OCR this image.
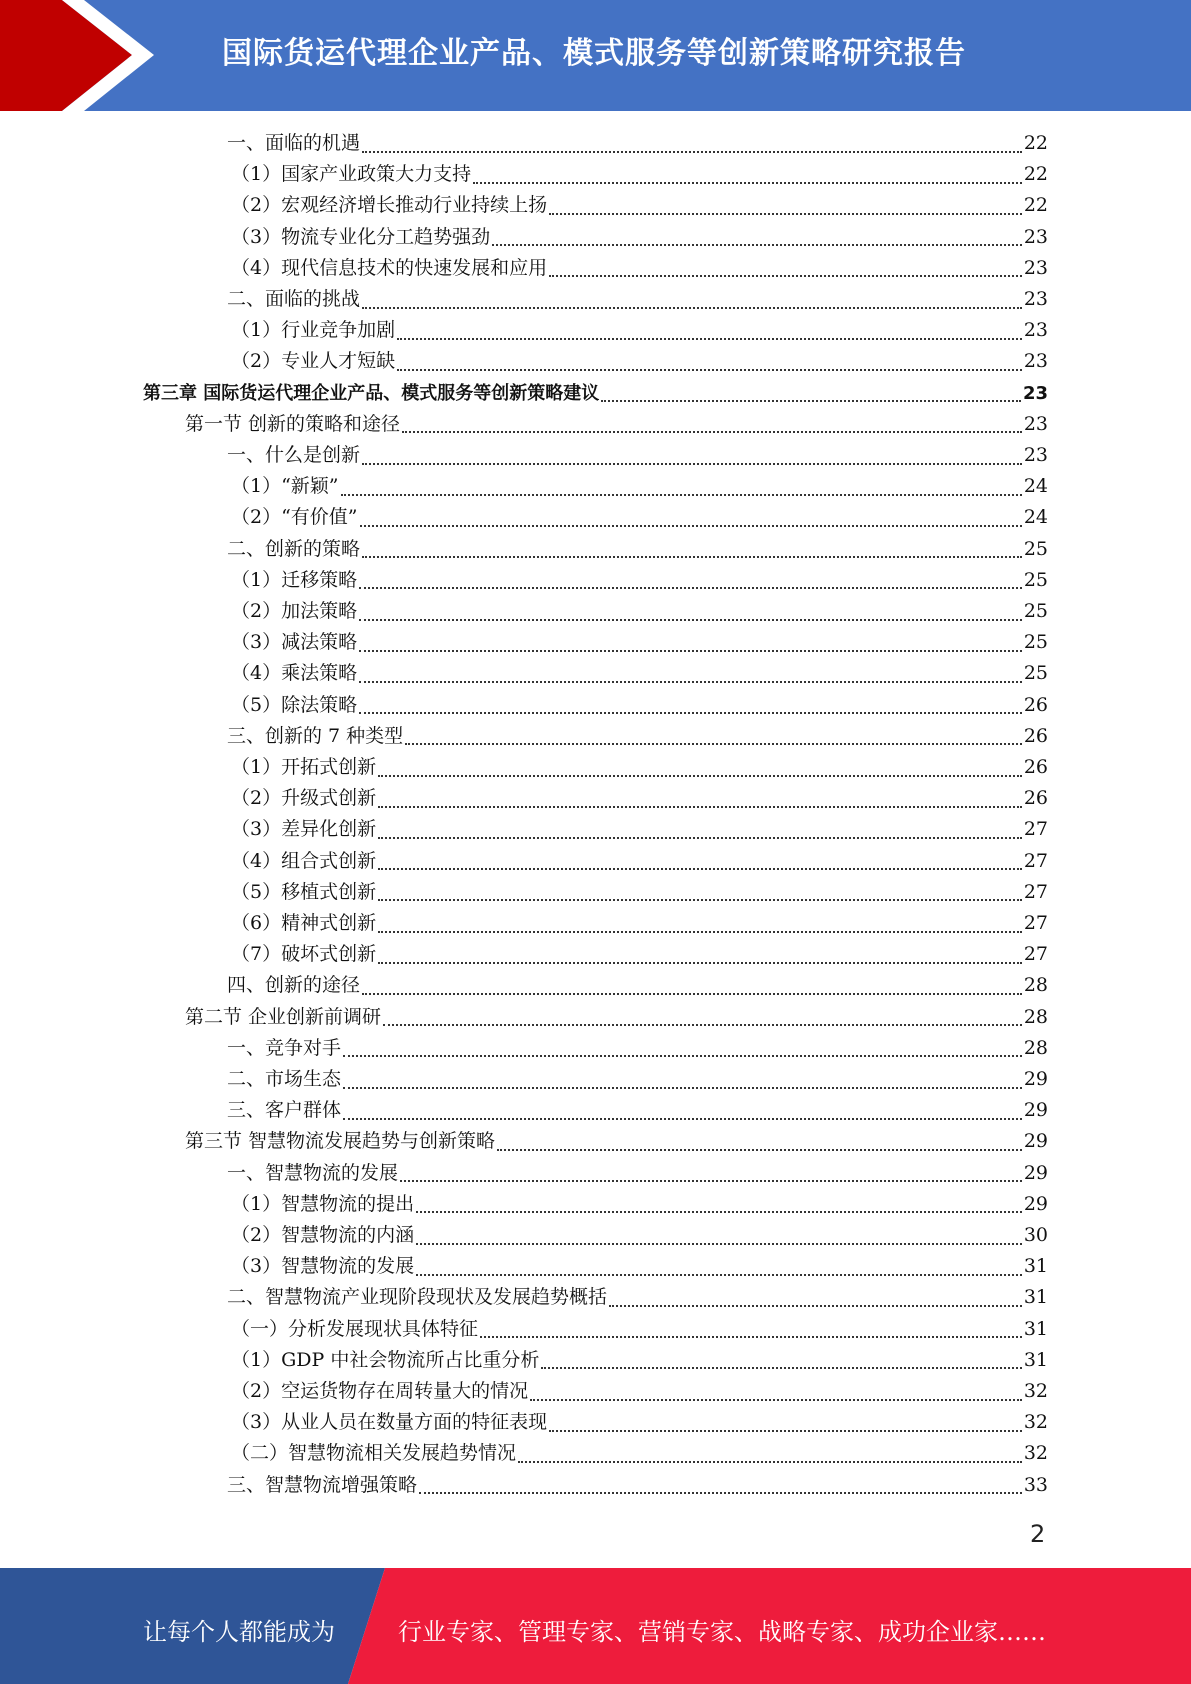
国际货运代理企业产品、模式服务等创新策略研究报告
一、面临的机遇	22
（1）国家产业政策大力支持	22
（2）宏观经济增长推动行业持续上扬	22
（3）物流专业化分工趋势强劲	23
（4）现代信息技术的快速发展和应用	23
二、面临的挑战	23
（1）行业竞争加剧	23
（2）专业人才短缺	23
第三章 国际货运代理企业产品、模式服务等创新策略建议	23
第一节 创新的策略和途径	23
一、什么是创新	23
（1）“新颖”	24
（2）“有价值”	24
二、创新的策略	25
（1）迁移策略	25
（2）加法策略	25
（3）减法策略	25
（4）乘法策略	25
（5）除法策略	26
三、创新的 7 种类型	26
（1）开拓式创新	26
（2）升级式创新	26
（3）差异化创新	27
（4）组合式创新	27
（5）移植式创新	27
（6）精神式创新	27
（7）破坏式创新	27
四、创新的途径	28
第二节 企业创新前调研	28
一、竞争对手	28
二、市场生态	29
三、客户群体	29
第三节 智慧物流发展趋势与创新策略	29
一、智慧物流的发展	29
（1）智慧物流的提出	29
（2）智慧物流的内涵	30
（3）智慧物流的发展	31
二、智慧物流产业现阶段现状及发展趋势概括	31
（一）分析发展现状具体特征	31
（1）GDP 中社会物流所占比重分析	31
（2）空运货物存在周转量大的情况	32
（3）从业人员在数量方面的特征表现	32
（二）智慧物流相关发展趋势情况	32
三、智慧物流增强策略	33
2
让每个人都能成为	行业专家、管理专家、营销专家、战略专家、成功企业家……
